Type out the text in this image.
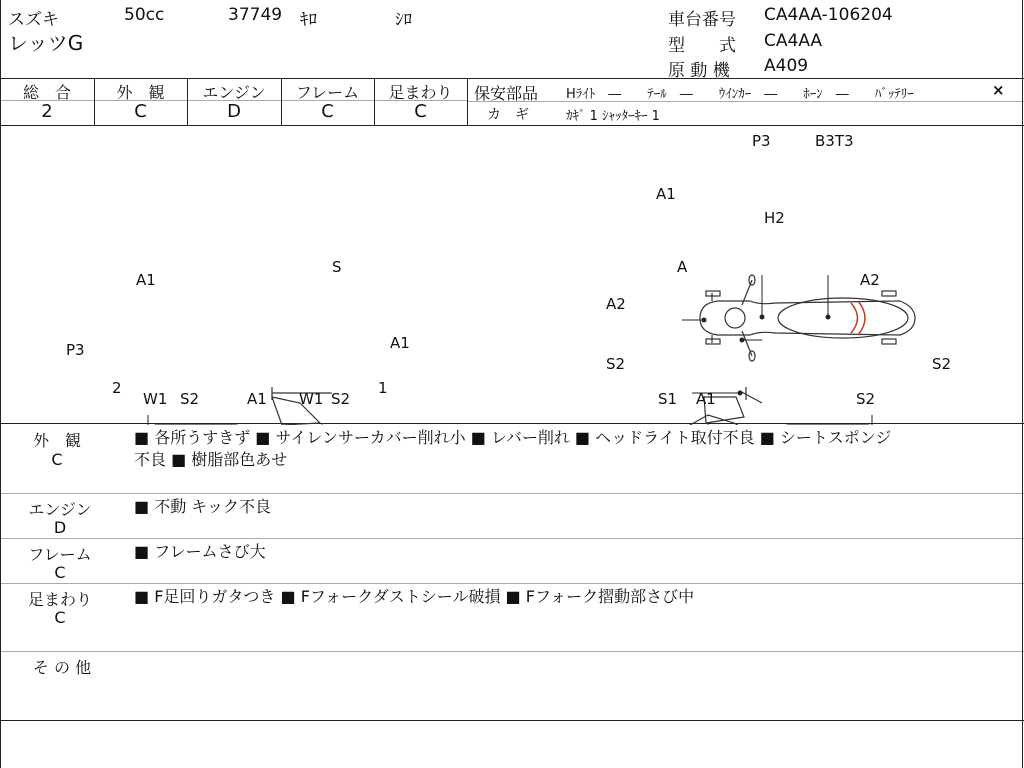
スズキ	50cc	37749 ｷﾛ	ｼﾛ
レッツG
車台番号 CA4AA-106204
型　　式 CA4AA
原 動 機 A409
総　合
2
外　観
C
エンジン
D
フレーム
C
足まわり
C
保安部品 Hﾗｲﾄ　―　　ﾃｰﾙ　―　　ｳｲﾝｶｰ　―　　ﾎｰﾝ　―　　ﾊﾞｯﾃﾘｰ	×
カ　ギ	ｶｷﾞ 1 ｼｬｯﾀｰｷｰ 1
P3	B3T3
A1
H2
S
A1
A1
P3
2
W1 S2	A1 W1 S2
1
A
A2
A2
S2	S2
S1 A1	S2
外　観
C
■ 各所うすきず ■ サイレンサーカバー削れ小 ■ レバー削れ ■ ヘッドライト取付不良 ■ シートスポンジ
不良 ■ 樹脂部色あせ
エンジン
D
■ 不動 キック不良
フレーム
C
■ フレームさび大
足まわり
C
■ F足回りガタつき ■ Fフォークダストシール破損 ■ Fフォーク摺動部さび中
そ の 他
